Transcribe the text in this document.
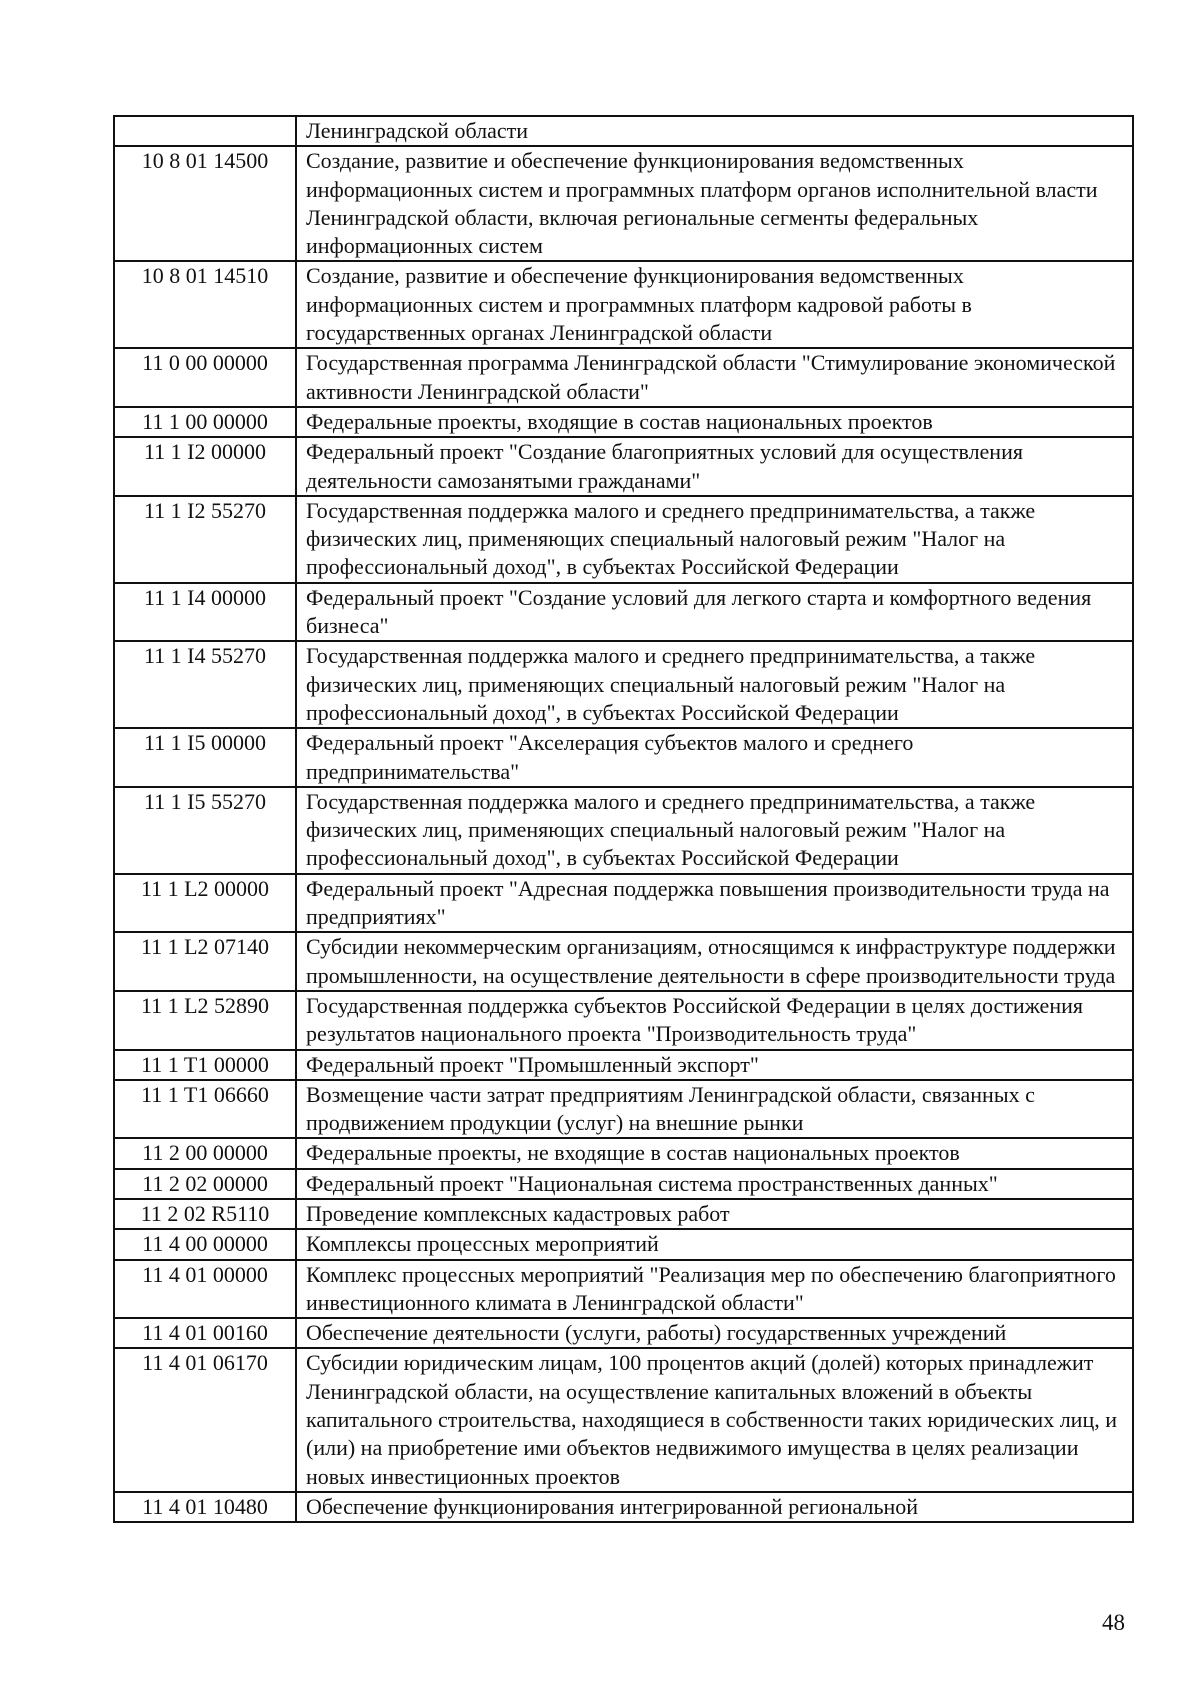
	Ленинградской области
10 8 01 14500	Создание, развитие и обеспечение функционирования ведомственных информационных систем и программных платформ органов исполнительной власти Ленинградской области, включая региональные сегменты федеральных информационных систем
10 8 01 14510	Создание, развитие и обеспечение функционирования ведомственных информационных систем и программных платформ кадровой работы в государственных органах Ленинградской области
11 0 00 00000	Государственная программа Ленинградской области "Стимулирование экономической активности Ленинградской области"
11 1 00 00000	Федеральные проекты, входящие в состав национальных проектов
11 1 I2 00000	Федеральный проект "Создание благоприятных условий для осуществления деятельности самозанятыми гражданами"
11 1 I2 55270	Государственная поддержка малого и среднего предпринимательства, а также физических лиц, применяющих специальный налоговый режим "Налог на профессиональный доход", в субъектах Российской Федерации
11 1 I4 00000	Федеральный проект "Создание условий для легкого старта и комфортного ведения бизнеса"
11 1 I4 55270	Государственная поддержка малого и среднего предпринимательства, а также физических лиц, применяющих специальный налоговый режим "Налог на профессиональный доход", в субъектах Российской Федерации
11 1 I5 00000	Федеральный проект "Акселерация субъектов малого и среднего предпринимательства"
11 1 I5 55270	Государственная поддержка малого и среднего предпринимательства, а также физических лиц, применяющих специальный налоговый режим "Налог на профессиональный доход", в субъектах Российской Федерации
11 1 L2 00000	Федеральный проект "Адресная поддержка повышения производительности труда на предприятиях"
11 1 L2 07140	Субсидии некоммерческим организациям, относящимся к инфраструктуре поддержки промышленности, на осуществление деятельности в сфере производительности труда
11 1 L2 52890	Государственная поддержка субъектов Российской Федерации в целях достижения результатов национального проекта "Производительность труда"
11 1 T1 00000	Федеральный проект "Промышленный экспорт"
11 1 T1 06660	Возмещение части затрат предприятиям Ленинградской области, связанных с продвижением продукции (услуг) на внешние рынки
11 2 00 00000	Федеральные проекты, не входящие в состав национальных проектов
11 2 02 00000	Федеральный проект "Национальная система пространственных данных"
11 2 02 R5110	Проведение комплексных кадастровых работ
11 4 00 00000	Комплексы процессных мероприятий
11 4 01 00000	Комплекс процессных мероприятий "Реализация мер по обеспечению благоприятного инвестиционного климата в Ленинградской области"
11 4 01 00160	Обеспечение деятельности (услуги, работы) государственных учреждений
11 4 01 06170	Субсидии юридическим лицам, 100 процентов акций (долей) которых принадлежит Ленинградской области, на осуществление капитальных вложений в объекты капитального строительства, находящиеся в собственности таких юридических лиц, и (или) на приобретение ими объектов недвижимого имущества в целях реализации новых инвестиционных проектов
11 4 01 10480	Обеспечение функционирования интегрированной региональной
48
